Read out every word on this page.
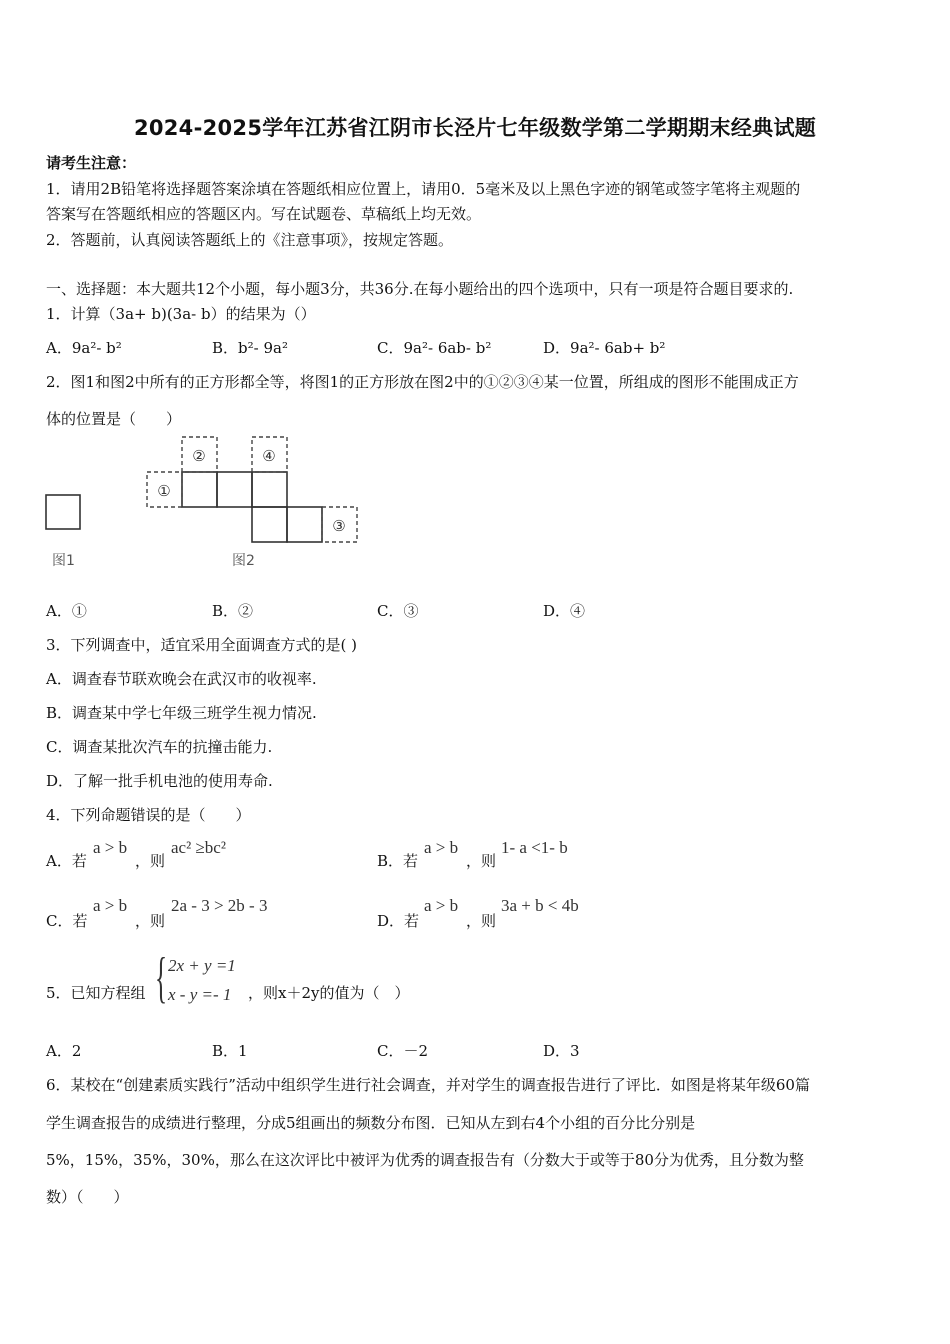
2024-2025学年江苏省江阴市长泾片七年级数学第二学期期末经典试题
请考生注意：
1．请用2B铅笔将选择题答案涂填在答题纸相应位置上，请用0．5毫米及以上黑色字迹的钢笔或签字笔将主观题的
答案写在答题纸相应的答题区内。写在试题卷、草稿纸上均无效。
2．答题前，认真阅读答题纸上的《注意事项》，按规定答题。
一、选择题：本大题共12个小题，每小题3分，共36分.在每小题给出的四个选项中，只有一项是符合题目要求的.
1．计算（3a+ b)(3a- b）的结果为（）
A．9a²- b²	B．b²- 9a²	C．9a²- 6ab- b²	D．9a²- 6ab+ b²
2．图1和图2中所有的正方形都全等，将图1的正方形放在图2中的①②③④某一位置，所组成的图形不能围成正方
体的位置是（　　）
①
②
③
④
图1	图2
A．①	B．②	C．③	D．④
3．下列调查中，适宜采用全面调查方式的是( )
A．调查春节联欢晚会在武汉市的收视率.
B．调查某中学七年级三班学生视力情况.
C．调查某批次汽车的抗撞击能力.
D．了解一批手机电池的使用寿命.
4．下列命题错误的是（　　）
A．若
a > b
，则
ac² ≥bc²
B．若
a > b
，则
1- a <1- b
C．若
a > b
，则
2a - 3 > 2b - 3
D．若
a > b
，则
3a + b < 4b
5．已知方程组 { 2x + y =1
x - y =- 1 ，则x＋2y的值为（　）
A．2	B．1	C．－2	D．3
6．某校在“创建素质实践行”活动中组织学生进行社会调查，并对学生的调查报告进行了评比．如图是将某年级60篇
学生调查报告的成绩进行整理，分成5组画出的频数分布图．已知从左到右4个小组的百分比分别是
5%，15%，35%，30%，那么在这次评比中被评为优秀的调查报告有（分数大于或等于80分为优秀，且分数为整
数）（　　）
